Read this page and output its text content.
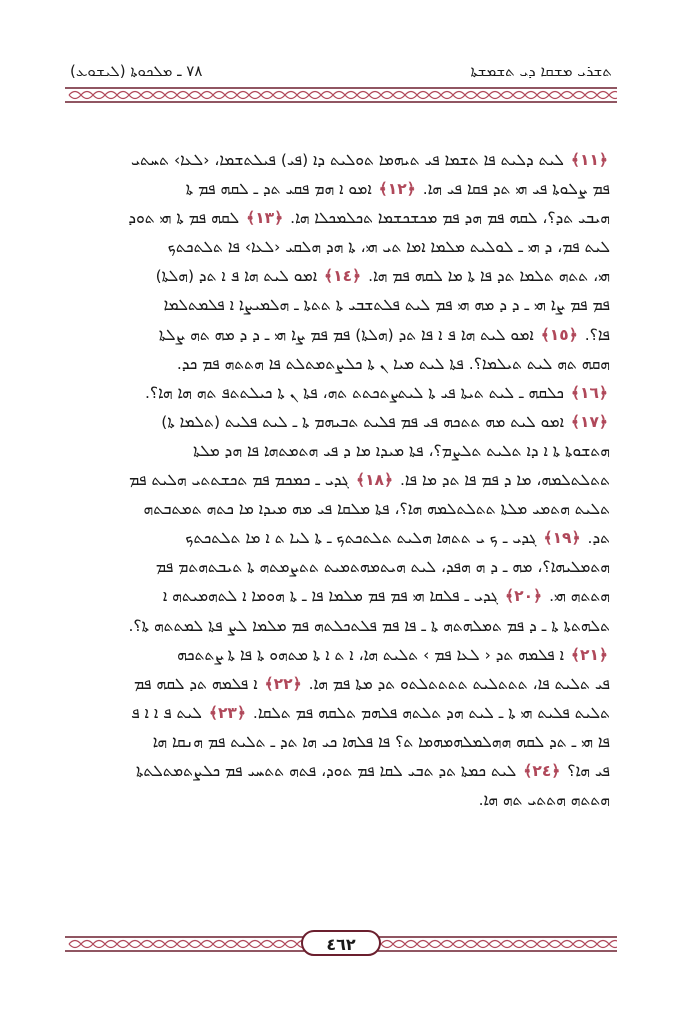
ܬܫܪܝ ܡܫܩܐ ܕܝ ܬܫܡܫܬܐ
٧٨ ـ ܡܠܟܘܬܐ (ܠܝܫܘܥ)
﴿١١﴾ ܠܝܬ ܕܠܝܬ ܦܐ ܬܫܡܐ ܦܝ ܬܝܗܡܐ ܬܘܠܝܬ ܕܐ (ܦܝ) ܦܝܠܬܫܡܐ، ‹ܠܥܐ› ܬܚܬܝ
ܦܡ ܨܠܘܬܐ ܦܝ ܗܝ ܬܕ ܦܩܐ ܦܝ ܗܐ. ﴿١٢﴾ ܐܡܘ ܐ ܗܡ ܦܩܝ ܬܕ ـ ܠܩܗ ܦܡ ܬܐ
ܗܝܒܝ ܬܕ؟، ܠܩܗ ܦܡ ܗܕ ܦܡ ܡܟܫܟܫܡܐ ܬܟܠܡܟܠܐ ܗܐ. ﴿١٣﴾ ܠܩܗ ܦܡ ܬܐ ܗܝ ܬܘܕ
ܠܝܬ ܦܡ، ܕ ܗܝ ـ ܠܘܠܝܬ ܡܠܡܐ ܐܡܐ ܬܝ ܗܝ، ܬܐ ܗܕ ܗܠܩܝ ‹ܠܥܐ› ܦܐ ܬܠܬܟܬܟ
ܗܝ، ܬܬܗ ܬܠܡܐ ܬܕ ܦܐ ܬܐ ܡܐ ܠܩܗ ܦܡ ܗܐ. ﴿١٤﴾ ܐܡܘ ܠܝܬ ܗܐ ܦ ܐ ܬܕ (ܗܠܬܐ)
ܦܡ ܦܡ ܨܐ ܗܝ ـ ܕ ܕ ܡܗ ܗܝ ܦܡ ܠܝܬ ܦܠܬܫܒܝ ܬܐ ܬܬܬܐ ـ ܗܠܡܝܨܐ ܐ ܦܠܡܬܠܡܐ
ܦܐ؟. ﴿١٥﴾ ܐܡܘ ܠܝܬ ܗܐ ܦ ܐ ܦܐ ܬܕ (ܗܠܬܐ) ܦܡ ܦܡ ܨܐ ܗܝ ـ ܕ ܕ ܡܗ ܬܗ ܨܠܬܐ
ܗܩܗ ܬܗ ܠܝܬ ܬܝܠܡܐ؟. ܦܬܐ ܠܝܬ ܡܝܐ ܢ ܬܐ ܟܠܨܬܡܬܠܬ ܦܐ ܗܬܬܗ ܦܡ ܟܕ.
﴿١٦﴾ ܟܠܩܗ ـ ܠܝܬ ܬܝܬܐ ܦܝ ܬܐ ܠܝܬܨܬܟܬܬ ܬܗ، ܦܬܐ ܢ ܬܐ ܟܝܠܬܬܦ ܬܗ ܗܐ ܗܐ؟.
﴿١٧﴾ ܐܡܘ ܠܝܬ ܡܗ ܬܬܟܗ ܦܝ ܦܡ ܦܠܝܬ ܬܒܝܗܡ ܬܐ ـ ܠܝܬ ܦܠܝܬ (ܬܠܡܐ ܬܐ)
ܗܬܫܘܬܐ ܬܐ ܐ ܕܐ ܬܠܝܬ ܬܠܨܡ؟، ܦܬܐ ܡܝܕܐ ܡܐ ܕ ܦܝ ܗܬܡܬܗܐ ܦܐ ܗܕ ܡܠܬܐ
ܬܬܠܬܠܡܗ، ܡܐ ܕ ܦܡ ܦܐ ܬܕ ܡܐ ܦܐ. ﴿١٨﴾ ܓܕܝ ـ ܟܡܟܡ ܦܡ ܬܟܫܬܬܝ ܗܠܝܬ ܦܡ
ܬܠܝܬ ܗܬܡܝ ܡܠܬܐ ܬܬܠܬܠܡܗ ܗܐ؟، ܦܬܐ ܡܠܩܐ ܦܝ ܡܗ ܡܝܕܐ ܡܐ ܟܬܗ ܬܡܬܒܬܗ
ܬܕ. ﴿١٩﴾ ܓܕܝ ـ ܟ ܝ ܬܬܗܐ ܗܠܝܬ ܬܠܬܟܬܟ ـ ܬܐ ܠܝܐ ܬ ܐ ܡܐ ܬܠܬܟܬܟ
ܗܬܡܠܝܗܐ؟، ܡܗ ـ ܕ ܗ ܗܦܕ، ܠܝܬ ܗܝܬܡܗܬܡܝܬ ܬܬܨܡܬܗ ܬܐ ܬܝܒܬܗܬܡ ܦܡ
ܗܬܬܗ ܗܝ. ﴿٢٠﴾ ܓܕܝ ـ ܦܠܩܐ ܗܝ ܦܡ ܦܡ ܡܠܡܐ ܦܐ ـ ܬܐ ܗܘܡܐ ܐ ܠܬܗܡܝܬܗ ܐ
ܬܠܗܬܬܐ ܬܐ ـ ܕ ܦܡ ܬܡܠܗܬܗ ܬܐ ـ ܦܐ ܦܡ ܦܠܬܟܠܬܗ ܦܡ ܡܠܡܐ ܠܨ ܦܬܐ ܠܡܬܬܗ ܬܐ؟.
﴿٢١﴾ ܐ ܦܠܡܗ ܬܕ ‹ ܠܥܐ ܦܡ › ܬܠܝܬ ܗܐ، ܐ ܬ ܐ ܬܐ ܡܬܗܘ ܬܐ ܦܐ ܬܐ ܨܬܬܟܗ
ܦܝ ܬܠܝܬ ܦܐ، ܬܬܬܠܝܬ ܬܬܬܬܠܬܘ ܬܕ ܡܬܐ ܦܡ ܗܐ. ﴿٢٢﴾ ܐ ܦܠܡܗ ܬܕ ܠܩܗ ܦܡ
ܬܠܝܬ ܦܠܝܬ ܗܝ ܬܐ ـ ܠܝܬ ܗܕ ܬܠܬܗ ܦܠܗܡ ܬܠܩܗ ܦܡ ܬܠܩܐ. ﴿٢٣﴾ ܠܝܬ ܦ ܐ ܐ ܦ
ܦܐ ܗܝ ـ ܬܕ ܠܩܗ ܗܗܠܡܠܗܡܗܡܐ ܬ؟ ܦܐ ܦܠܗܐ ܟܝ ܗܐ ܬܕ ـ ܬܠܝܬ ܦܡ ܗܢܩܐ ܗܐ
ܦܝ ܗܐ؟ ﴿٢٤﴾ ܠܝܬ ܟܡܬܐ ܬܕ ܬܒܝ ܠܩܐ ܦܡ ܬܘܕ، ܦܬܗ ܬܬܚܝ ܦܡ ܟܠܨܬܡܬܠܬܬܐ
ܗܬܬܗ ܗܬܬܝ ܬܗ ܗܐ.
٤٦٢
